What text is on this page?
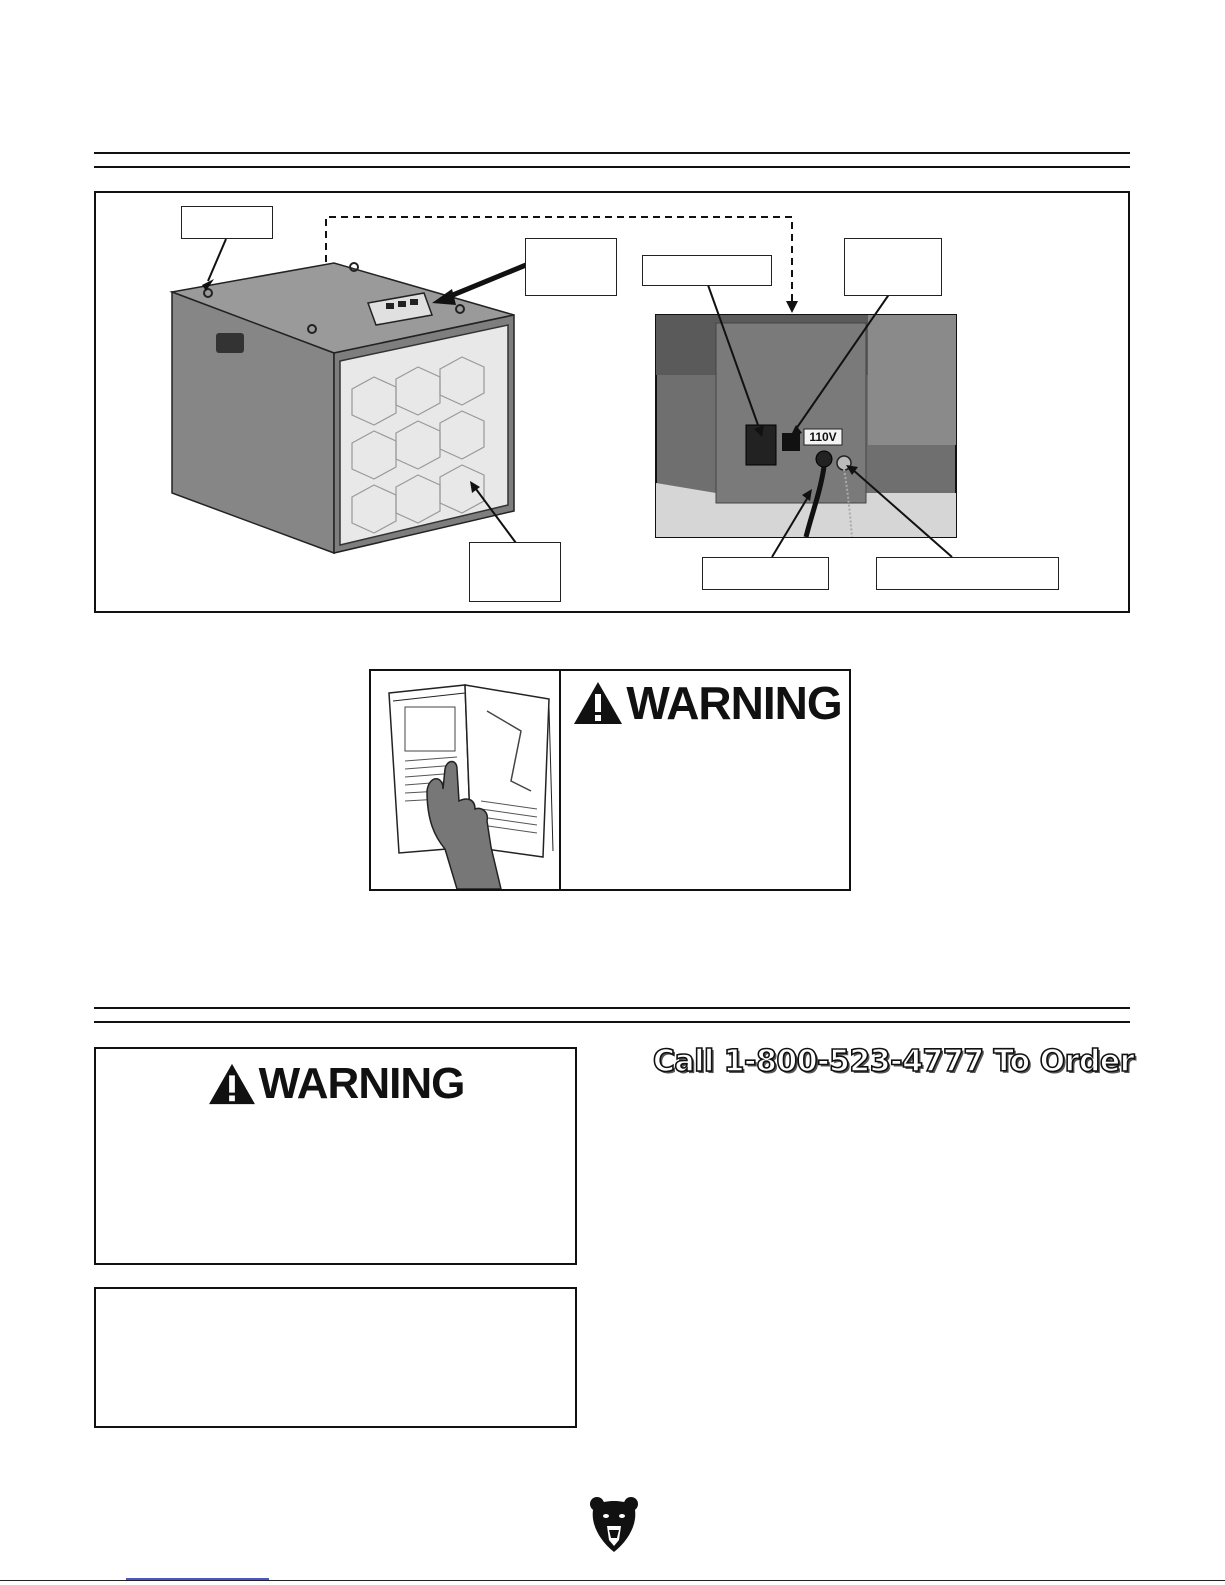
110V
WARNING
WARNING	Call 1-800-523-4777 To Order
